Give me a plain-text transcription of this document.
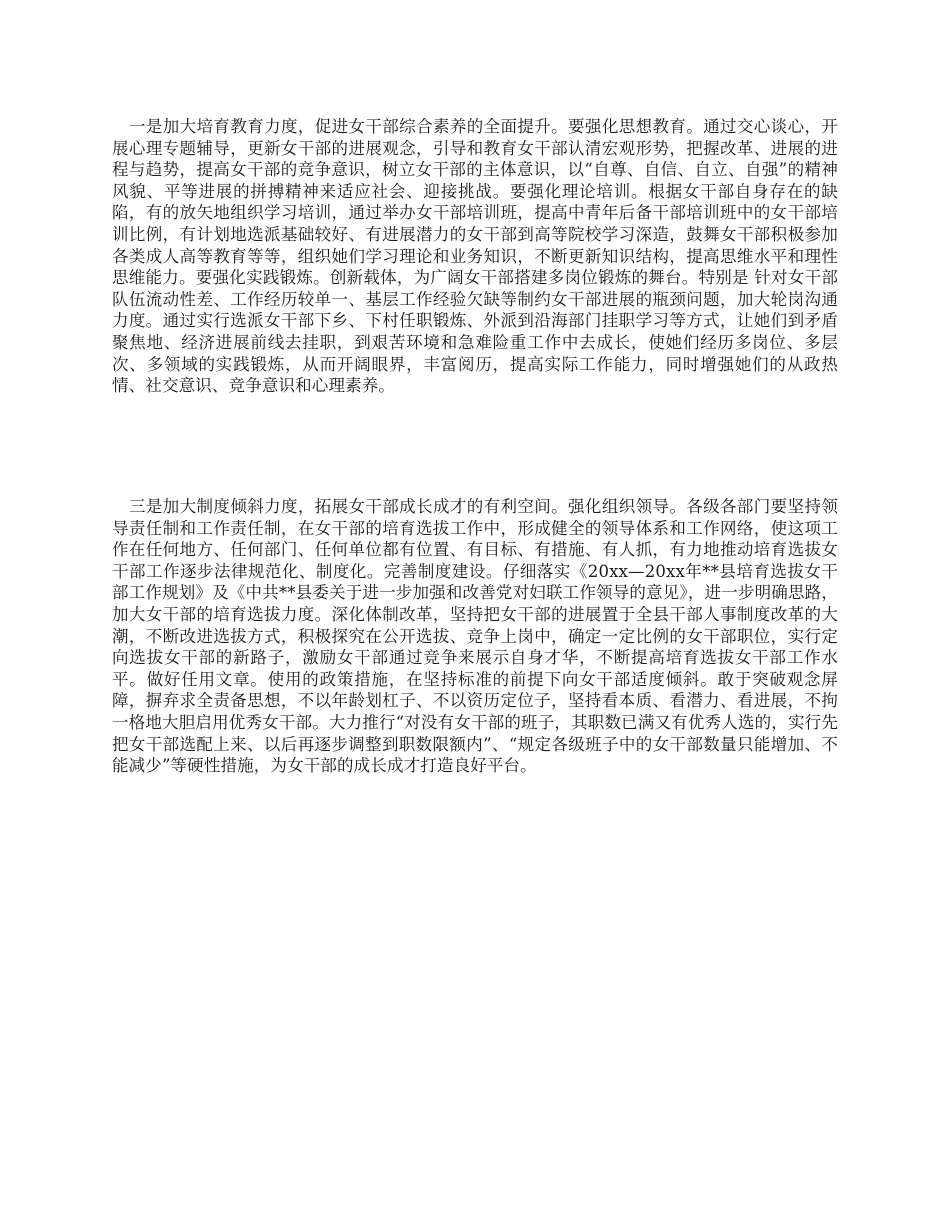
一是加大培育教育力度，促进女干部综合素养的全面提升。要强化思想教育。通过交心谈心，开展心理专题辅导，更新女干部的进展观念，引导和教育女干部认清宏观形势，把握改革、进展的进程与趋势，提高女干部的竞争意识，树立女干部的主体意识，以“自尊、自信、自立、自强”的精神风貌、平等进展的拼搏精神来适应社会、迎接挑战。要强化理论培训。根据女干部自身存在的缺陷，有的放矢地组织学习培训，通过举办女干部培训班，提高中青年后备干部培训班中的女干部培训比例，有计划地选派基础较好、有进展潜力的女干部到高等院校学习深造，鼓舞女干部积极参加各类成人高等教育等等，组织她们学习理论和业务知识，不断更新知识结构，提高思维水平和理性思维能力。要强化实践锻炼。创新载体，为广阔女干部搭建多岗位锻炼的舞台。特别是 针对女干部队伍流动性差、工作经历较单一、基层工作经验欠缺等制约女干部进展的瓶颈问题，加大轮岗沟通力度。通过实行选派女干部下乡、下村任职锻炼、外派到沿海部门挂职学习等方式，让她们到矛盾聚焦地、经济进展前线去挂职，到艰苦环境和急难险重工作中去成长，使她们经历多岗位、多层次、多领域的实践锻炼，从而开阔眼界，丰富阅历，提高实际工作能力，同时增强她们的从政热情、社交意识、竞争意识和心理素养。

三是加大制度倾斜力度，拓展女干部成长成才的有利空间。强化组织领导。各级各部门要坚持领导责任制和工作责任制，在女干部的培育选拔工作中，形成健全的领导体系和工作网络，使这项工作在任何地方、任何部门、任何单位都有位置、有目标、有措施、有人抓，有力地推动培育选拔女干部工作逐步法律规范化、制度化。完善制度建设。仔细落实《20xx—20xx年**县培育选拔女干部工作规划》及《中共**县委关于进一步加强和改善党对妇联工作领导的意见》，进一步明确思路，加大女干部的培育选拔力度。深化体制改革，坚持把女干部的进展置于全县干部人事制度改革的大潮，不断改进选拔方式，积极探究在公开选拔、竞争上岗中，确定一定比例的女干部职位，实行定向选拔女干部的新路子，激励女干部通过竞争来展示自身才华，不断提高培育选拔女干部工作水平。做好任用文章。使用的政策措施，在坚持标准的前提下向女干部适度倾斜。敢于突破观念屏障，摒弃求全责备思想，不以年龄划杠子、不以资历定位子，坚持看本质、看潜力、看进展，不拘一格地大胆启用优秀女干部。大力推行“对没有女干部的班子，其职数已满又有优秀人选的，实行先把女干部选配上来、以后再逐步调整到职数限额内”、“规定各级班子中的女干部数量只能增加、不能减少”等硬性措施，为女干部的成长成才打造良好平台。
